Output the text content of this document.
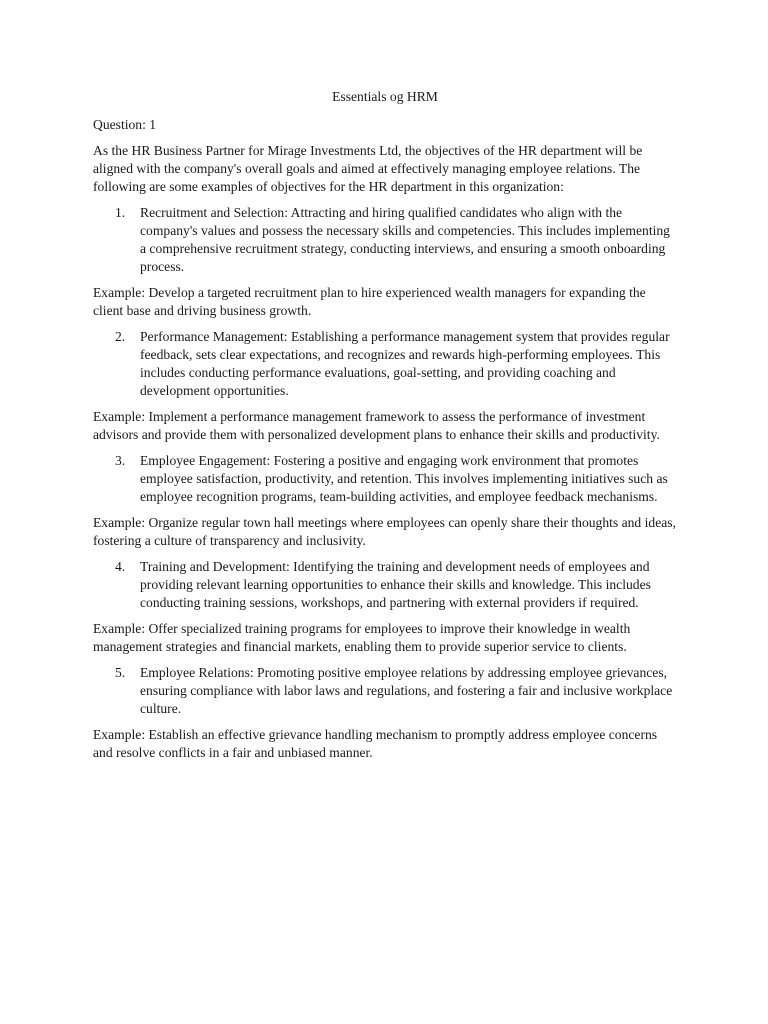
Essentials og HRM

Question: 1

As the HR Business Partner for Mirage Investments Ltd, the objectives of the HR department will be aligned with the company's overall goals and aimed at effectively managing employee relations. The following are some examples of objectives for the HR department in this organization:

1. Recruitment and Selection: Attracting and hiring qualified candidates who align with the company's values and possess the necessary skills and competencies. This includes implementing a comprehensive recruitment strategy, conducting interviews, and ensuring a smooth onboarding process.

Example: Develop a targeted recruitment plan to hire experienced wealth managers for expanding the client base and driving business growth.

2. Performance Management: Establishing a performance management system that provides regular feedback, sets clear expectations, and recognizes and rewards high-performing employees. This includes conducting performance evaluations, goal-setting, and providing coaching and development opportunities.

Example: Implement a performance management framework to assess the performance of investment advisors and provide them with personalized development plans to enhance their skills and productivity.

3. Employee Engagement: Fostering a positive and engaging work environment that promotes employee satisfaction, productivity, and retention. This involves implementing initiatives such as employee recognition programs, team-building activities, and employee feedback mechanisms.

Example: Organize regular town hall meetings where employees can openly share their thoughts and ideas, fostering a culture of transparency and inclusivity.

4. Training and Development: Identifying the training and development needs of employees and providing relevant learning opportunities to enhance their skills and knowledge. This includes conducting training sessions, workshops, and partnering with external providers if required.

Example: Offer specialized training programs for employees to improve their knowledge in wealth management strategies and financial markets, enabling them to provide superior service to clients.

5. Employee Relations: Promoting positive employee relations by addressing employee grievances, ensuring compliance with labor laws and regulations, and fostering a fair and inclusive workplace culture.

Example: Establish an effective grievance handling mechanism to promptly address employee concerns and resolve conflicts in a fair and unbiased manner.
